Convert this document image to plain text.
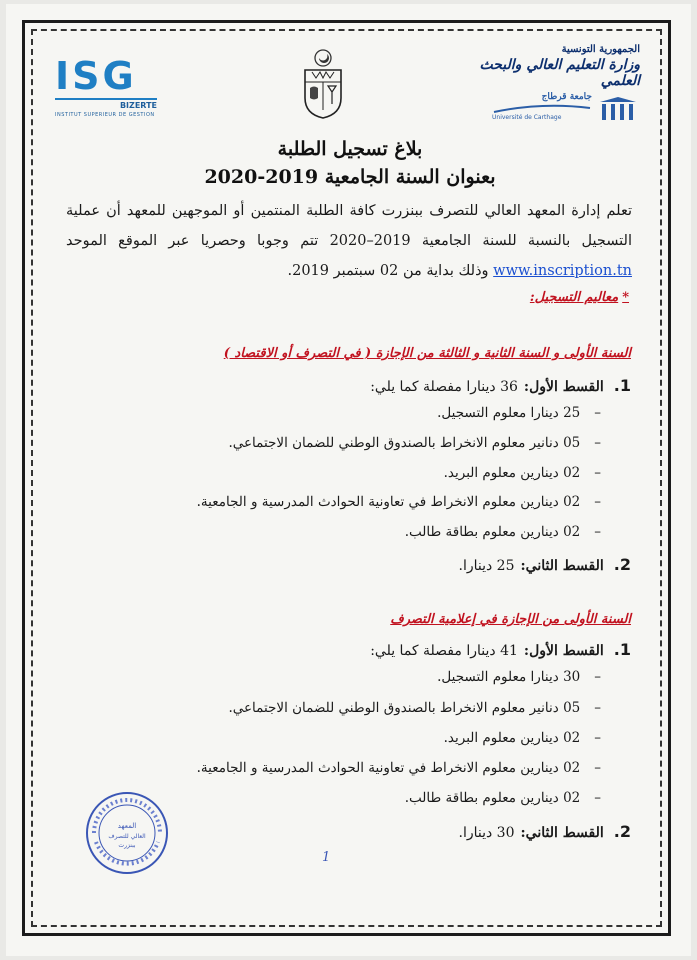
ISG
BIZERTE
INSTITUT SUPERIEUR DE GESTION
الجمهورية التونسية
وزارة التعليم العالي والبحث العلمي
جامعة قرطاج
Université de Carthage
بلاغ تسجيل الطلبة
بعنوان السنة الجامعية 2019-2020
تعلم إدارة المعهد العالي للتصرف ببنزرت كافة الطلبة المنتمين أو الموجهين للمعهد أن عملية التسجيل بالنسبة للسنة الجامعية 2019–2020 تتم وجوبا وحصريا عبر الموقع الموحد www.inscription.tn وذلك بداية من 02 سبتمبر 2019.
*معاليم التسجيل:
السنة الأولى و السنة الثانية و الثالثة من الإجازة ( في التصرف أو الاقتصاد )
1.القسط الأول:36 دينارا مفصلة كما يلي:
–25 دينارا معلوم التسجيل.
–05 دنانير معلوم الانخراط بالصندوق الوطني للضمان الاجتماعي.
–02 دينارين معلوم البريد.
–02 دينارين معلوم الانخراط في تعاونية الحوادث المدرسية و الجامعية.
–02 دينارين معلوم بطاقة طالب.
2.القسط الثاني:25 دينارا.
السنة الأولى من الإجازة في إعلامية التصرف
1.القسط الأول:41 دينارا مفصلة كما يلي:
–30 دينارا معلوم التسجيل.
–05 دنانير معلوم الانخراط بالصندوق الوطني للضمان الاجتماعي.
–02 دينارين معلوم البريد.
–02 دينارين معلوم الانخراط في تعاونية الحوادث المدرسية و الجامعية.
–02 دينارين معلوم بطاقة طالب.
2.القسط الثاني:30 دينارا.
المعهد
العالي للتصرف
ببنزرت
1
